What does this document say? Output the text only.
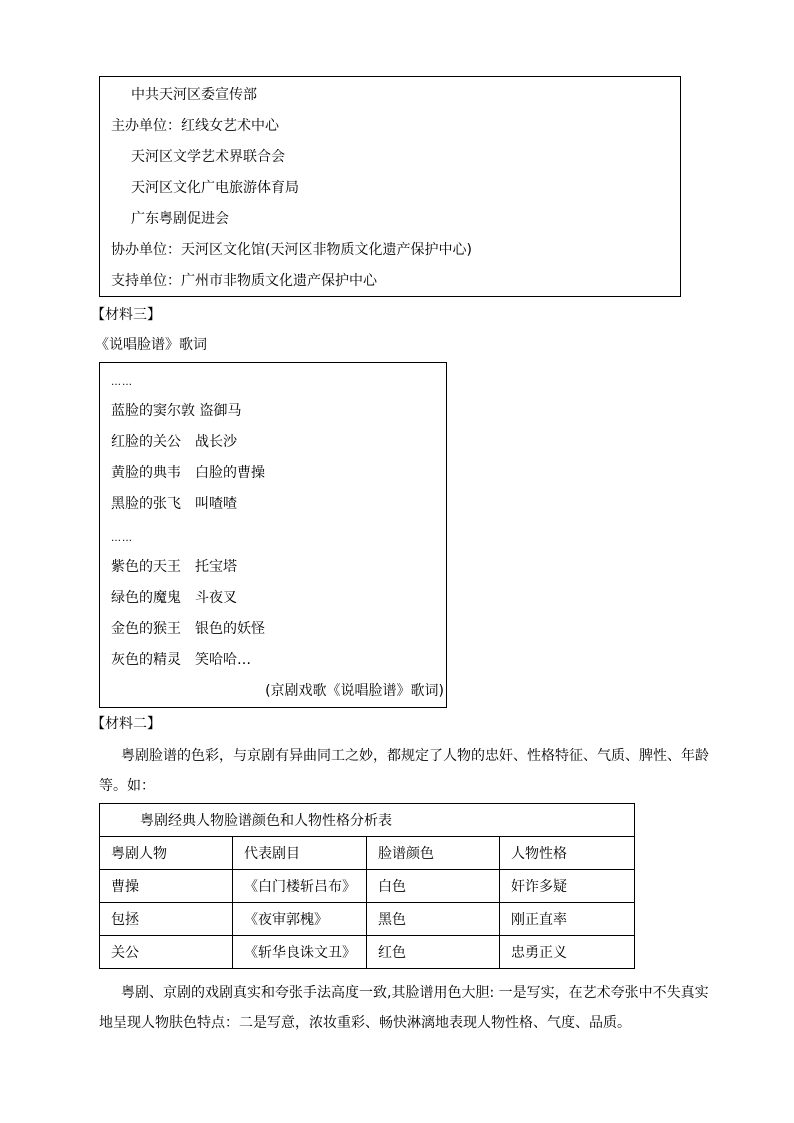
中共天河区委宣传部
主办单位：红线女艺术中心
天河区文学艺术界联合会
天河区文化广电旅游体育局
广东粤剧促进会
协办单位：天河区文化馆(天河区非物质文化遗产保护中心)
支持单位：广州市非物质文化遗产保护中心
【材料三】
《说唱脸谱》歌词
……
蓝脸的窦尔敦 盗御马
红脸的关公　战长沙
黄脸的典韦　白脸的曹操
黑脸的张飞　叫喳喳
……
紫色的天王　托宝塔
绿色的魔鬼　斗夜叉
金色的猴王　银色的妖怪
灰色的精灵　笑哈哈…
(京剧戏歌《说唱脸谱》歌词)
【材料二】
粤剧脸谱的色彩，与京剧有异曲同工之妙，都规定了人物的忠奸、性格特征、气质、脾性、年龄等。如：
粤剧经典人物脸谱颜色和人物性格分析表			
粤剧人物	代表剧目	脸谱颜色	人物性格
曹操	《白门楼斩吕布》	白色	奸诈多疑
包拯	《夜审郭槐》	黑色	刚正直率
关公	《斩华良诛文丑》	红色	忠勇正义
粤剧、京剧的戏剧真实和夸张手法高度一致,其脸谱用色大胆: 一是写实，在艺术夸张中不失真实地呈现人物肤色特点：二是写意，浓妆重彩、畅快淋漓地表现人物性格、气度、品质。
